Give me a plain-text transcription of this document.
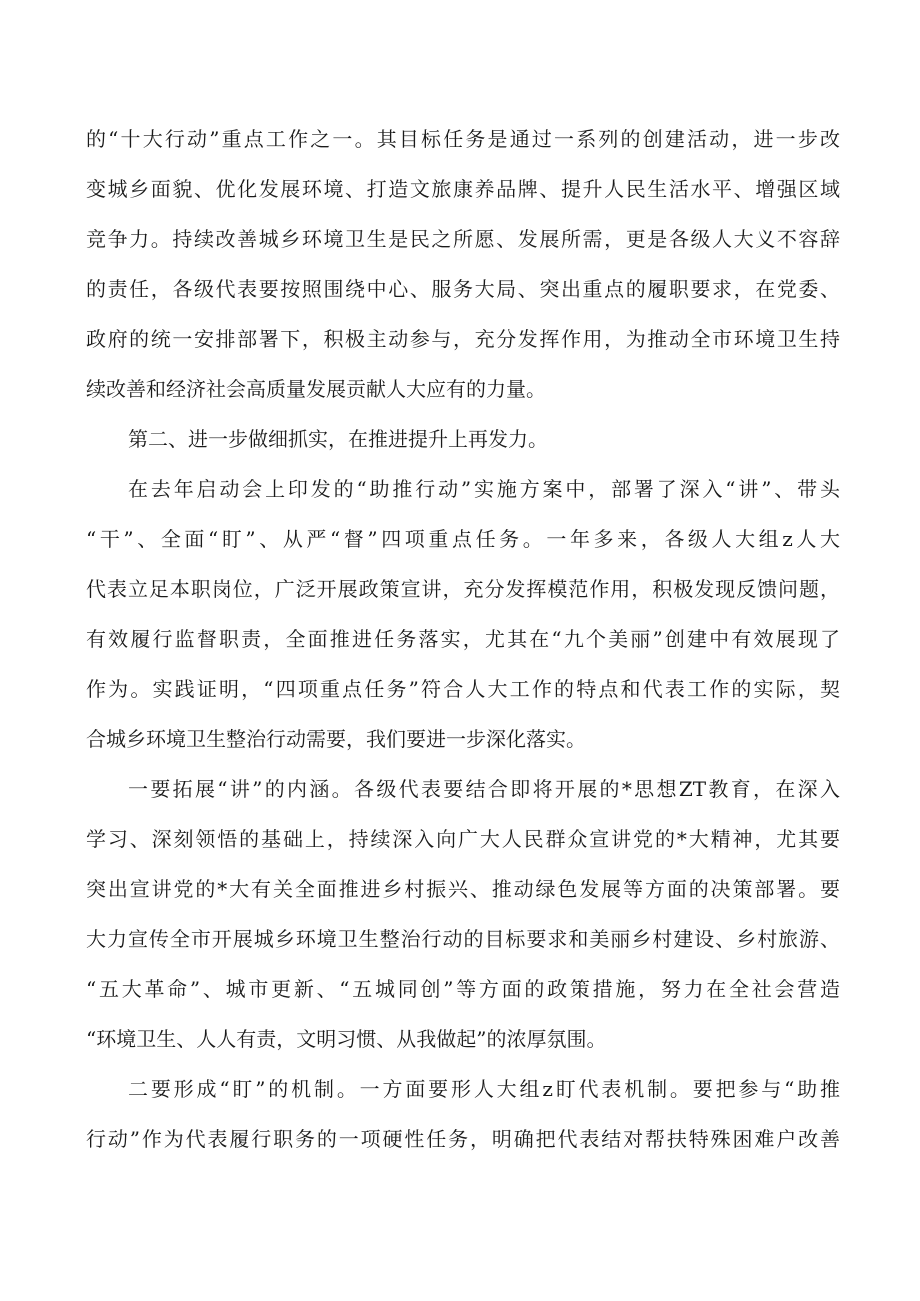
的“十大行动”重点工作之一。其目标任务是通过一系列的创建活动，进一步改
变城乡面貌、优化发展环境、打造文旅康养品牌、提升人民生活水平、增强区域
竞争力。持续改善城乡环境卫生是民之所愿、发展所需，更是各级人大义不容辞
的责任，各级代表要按照围绕中心、服务大局、突出重点的履职要求，在党委、
政府的统一安排部署下，积极主动参与，充分发挥作用，为推动全市环境卫生持
续改善和经济社会高质量发展贡献人大应有的力量。
第二、进一步做细抓实，在推进提升上再发力。
在去年启动会上印发的“助推行动”实施方案中，部署了深入“讲”、带头
“干”、全面“盯”、从严“督”四项重点任务。一年多来，各级人大组z人大
代表立足本职岗位，广泛开展政策宣讲，充分发挥模范作用，积极发现反馈问题，
有效履行监督职责，全面推进任务落实，尤其在“九个美丽”创建中有效展现了
作为。实践证明，“四项重点任务”符合人大工作的特点和代表工作的实际，契
合城乡环境卫生整治行动需要，我们要进一步深化落实。
一要拓展“讲”的内涵。各级代表要结合即将开展的*思想ZT教育，在深入
学习、深刻领悟的基础上，持续深入向广大人民群众宣讲党的*大精神，尤其要
突出宣讲党的*大有关全面推进乡村振兴、推动绿色发展等方面的决策部署。要
大力宣传全市开展城乡环境卫生整治行动的目标要求和美丽乡村建设、乡村旅游、
“五大革命”、城市更新、“五城同创”等方面的政策措施，努力在全社会营造
“环境卫生、人人有责，文明习惯、从我做起”的浓厚氛围。
二要形成“盯”的机制。一方面要形人大组z盯代表机制。要把参与“助推
行动”作为代表履行职务的一项硬性任务，明确把代表结对帮扶特殊困难户改善
